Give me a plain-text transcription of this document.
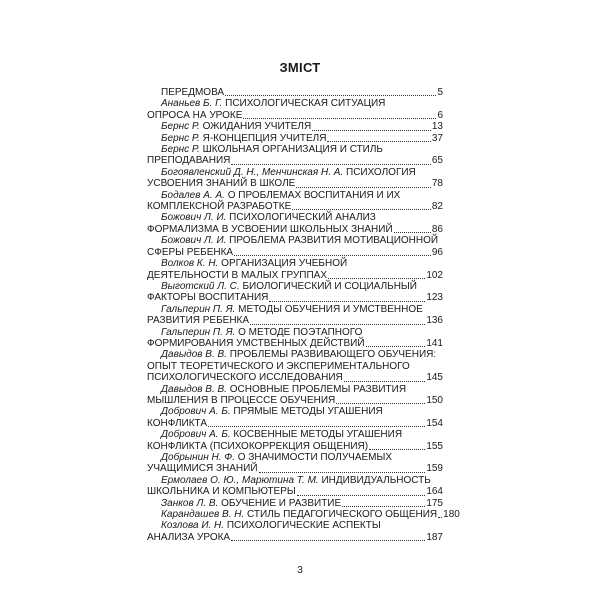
ЗМІСТ
ПЕРЕДМОВА	5
Ананьев Б. Г. ПСИХОЛОГИЧЕСКАЯ СИТУАЦИЯ
ОПРОСА НА УРОКЕ	6
Бернс Р. ОЖИДАНИЯ УЧИТЕЛЯ	13
Бернс Р. Я-КОНЦЕПЦИЯ УЧИТЕЛЯ	37
Бернс Р. ШКОЛЬНАЯ ОРГАНИЗАЦИЯ И СТИЛЬ
ПРЕПОДАВАНИЯ	65
Богоявленский Д. Н., Менчинская Н. А. ПСИХОЛОГИЯ
УСВОЕНИЯ ЗНАНИЙ В ШКОЛЕ	78
Бодалев А. А. О ПРОБЛЕМАХ ВОСПИТАНИЯ И ИХ
КОМПЛЕКСНОЙ РАЗРАБОТКЕ	82
Божович Л. И. ПСИХОЛОГИЧЕСКИЙ АНАЛИЗ
ФОРМАЛИЗМА В УСВОЕНИИ ШКОЛЬНЫХ ЗНАНИЙ	86
Божович Л. И. ПРОБЛЕМА РАЗВИТИЯ МОТИВАЦИОННОЙ
СФЕРЫ РЕБЕНКА	96
Волков К. Н. ОРГАНИЗАЦИЯ УЧЕБНОЙ
ДЕЯТЕЛЬНОСТИ В МАЛЫХ ГРУППАХ	102
Выготский Л. С. БИОЛОГИЧЕСКИЙ И СОЦИАЛЬНЫЙ
ФАКТОРЫ ВОСПИТАНИЯ	123
Гальперин П. Я. МЕТОДЫ ОБУЧЕНИЯ И УМСТВЕННОЕ
РАЗВИТИЯ РЕБЕНКА	136
Гальперин П. Я. О МЕТОДЕ ПОЭТАПНОГО
ФОРМИРОВАНИЯ УМСТВЕННЫХ ДЕЙСТВИЙ	141
Давыдов В. В. ПРОБЛЕМЫ РАЗВИВАЮЩЕГО ОБУЧЕНИЯ:
ОПЫТ ТЕОРЕТИЧЕСКОГО И ЭКСПЕРИМЕНТАЛЬНОГО
ПСИХОЛОГИЧЕСКОГО ИССЛЕДОВАНИЯ	145
Давыдов В. В. ОСНОВНЫЕ ПРОБЛЕМЫ РАЗВИТИЯ
МЫШЛЕНИЯ В ПРОЦЕССЕ ОБУЧЕНИЯ	150
Добрович А. Б. ПРЯМЫЕ МЕТОДЫ УГАШЕНИЯ
КОНФЛИКТА	154
Добрович А. Б. КОСВЕННЫЕ МЕТОДЫ УГАШЕНИЯ
КОНФЛИКТА (ПСИХОКОРРЕКЦИЯ ОБЩЕНИЯ)	155
Добрынин Н. Ф. О ЗНАЧИМОСТИ ПОЛУЧАЕМЫХ
УЧАЩИМИСЯ ЗНАНИЙ	159
Ермолаев О. Ю., Марютина Т. М. ИНДИВИДУАЛЬНОСТЬ
ШКОЛЬНИКА И КОМПЬЮТЕРЫ	164
Занков Л. В. ОБУЧЕНИЕ И РАЗВИТИЕ	175
Карандашев В. Н. СТИЛЬ ПЕДАГОГИЧЕСКОГО ОБЩЕНИЯ 180
Козлова И. Н. ПСИХОЛОГИЧЕСКИЕ АСПЕКТЫ
АНАЛИЗА УРОКА	187
3
